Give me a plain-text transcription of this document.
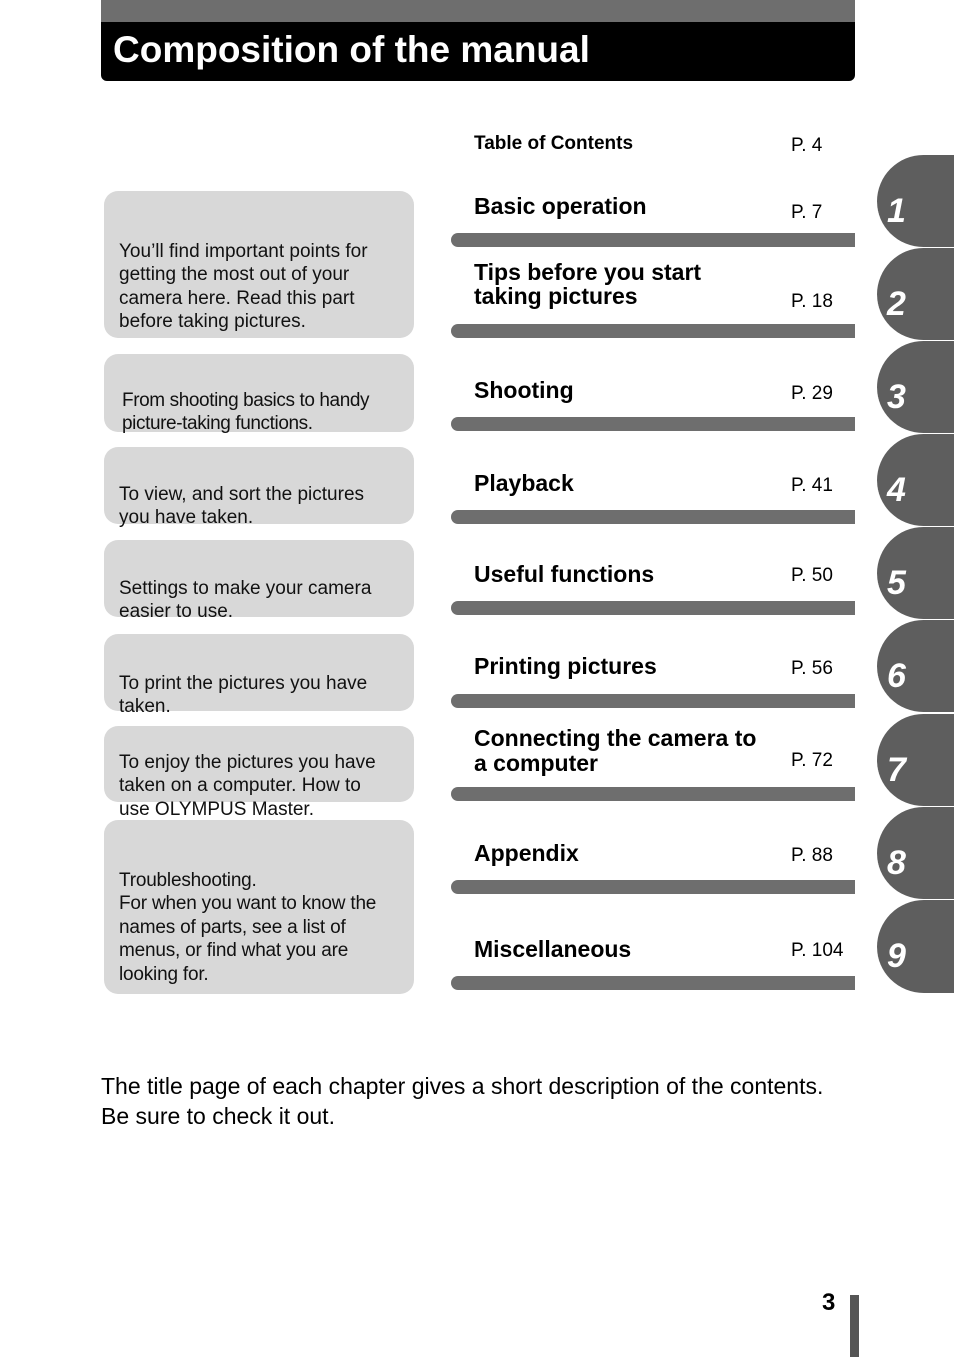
Composition of the manual
Table of Contents	P. 4

You’ll find important points for
getting the most out of your
camera here. Read this part
before taking pictures.

From shooting basics to handy
picture-taking functions.

To view, and sort the pictures
you have taken.

Settings to make your camera
easier to use.

To print the pictures you have
taken.

To enjoy the pictures you have
taken on a computer. How to
use OLYMPUS Master.

Troubleshooting.
For when you want to know the
names of parts, see a list of
menus, or find what you are
looking for.

Basic operation	P. 7
Tips before you start
taking pictures	P. 18
Shooting	P. 29
Playback	P. 41
Useful functions	P. 50
Printing pictures	P. 56
Connecting the camera to
a computer	P. 72
Appendix	P. 88
Miscellaneous	P. 104
1
2
3
4
5
6
7
8
9
The title page of each chapter gives a short description of the contents.
Be sure to check it out.
3
